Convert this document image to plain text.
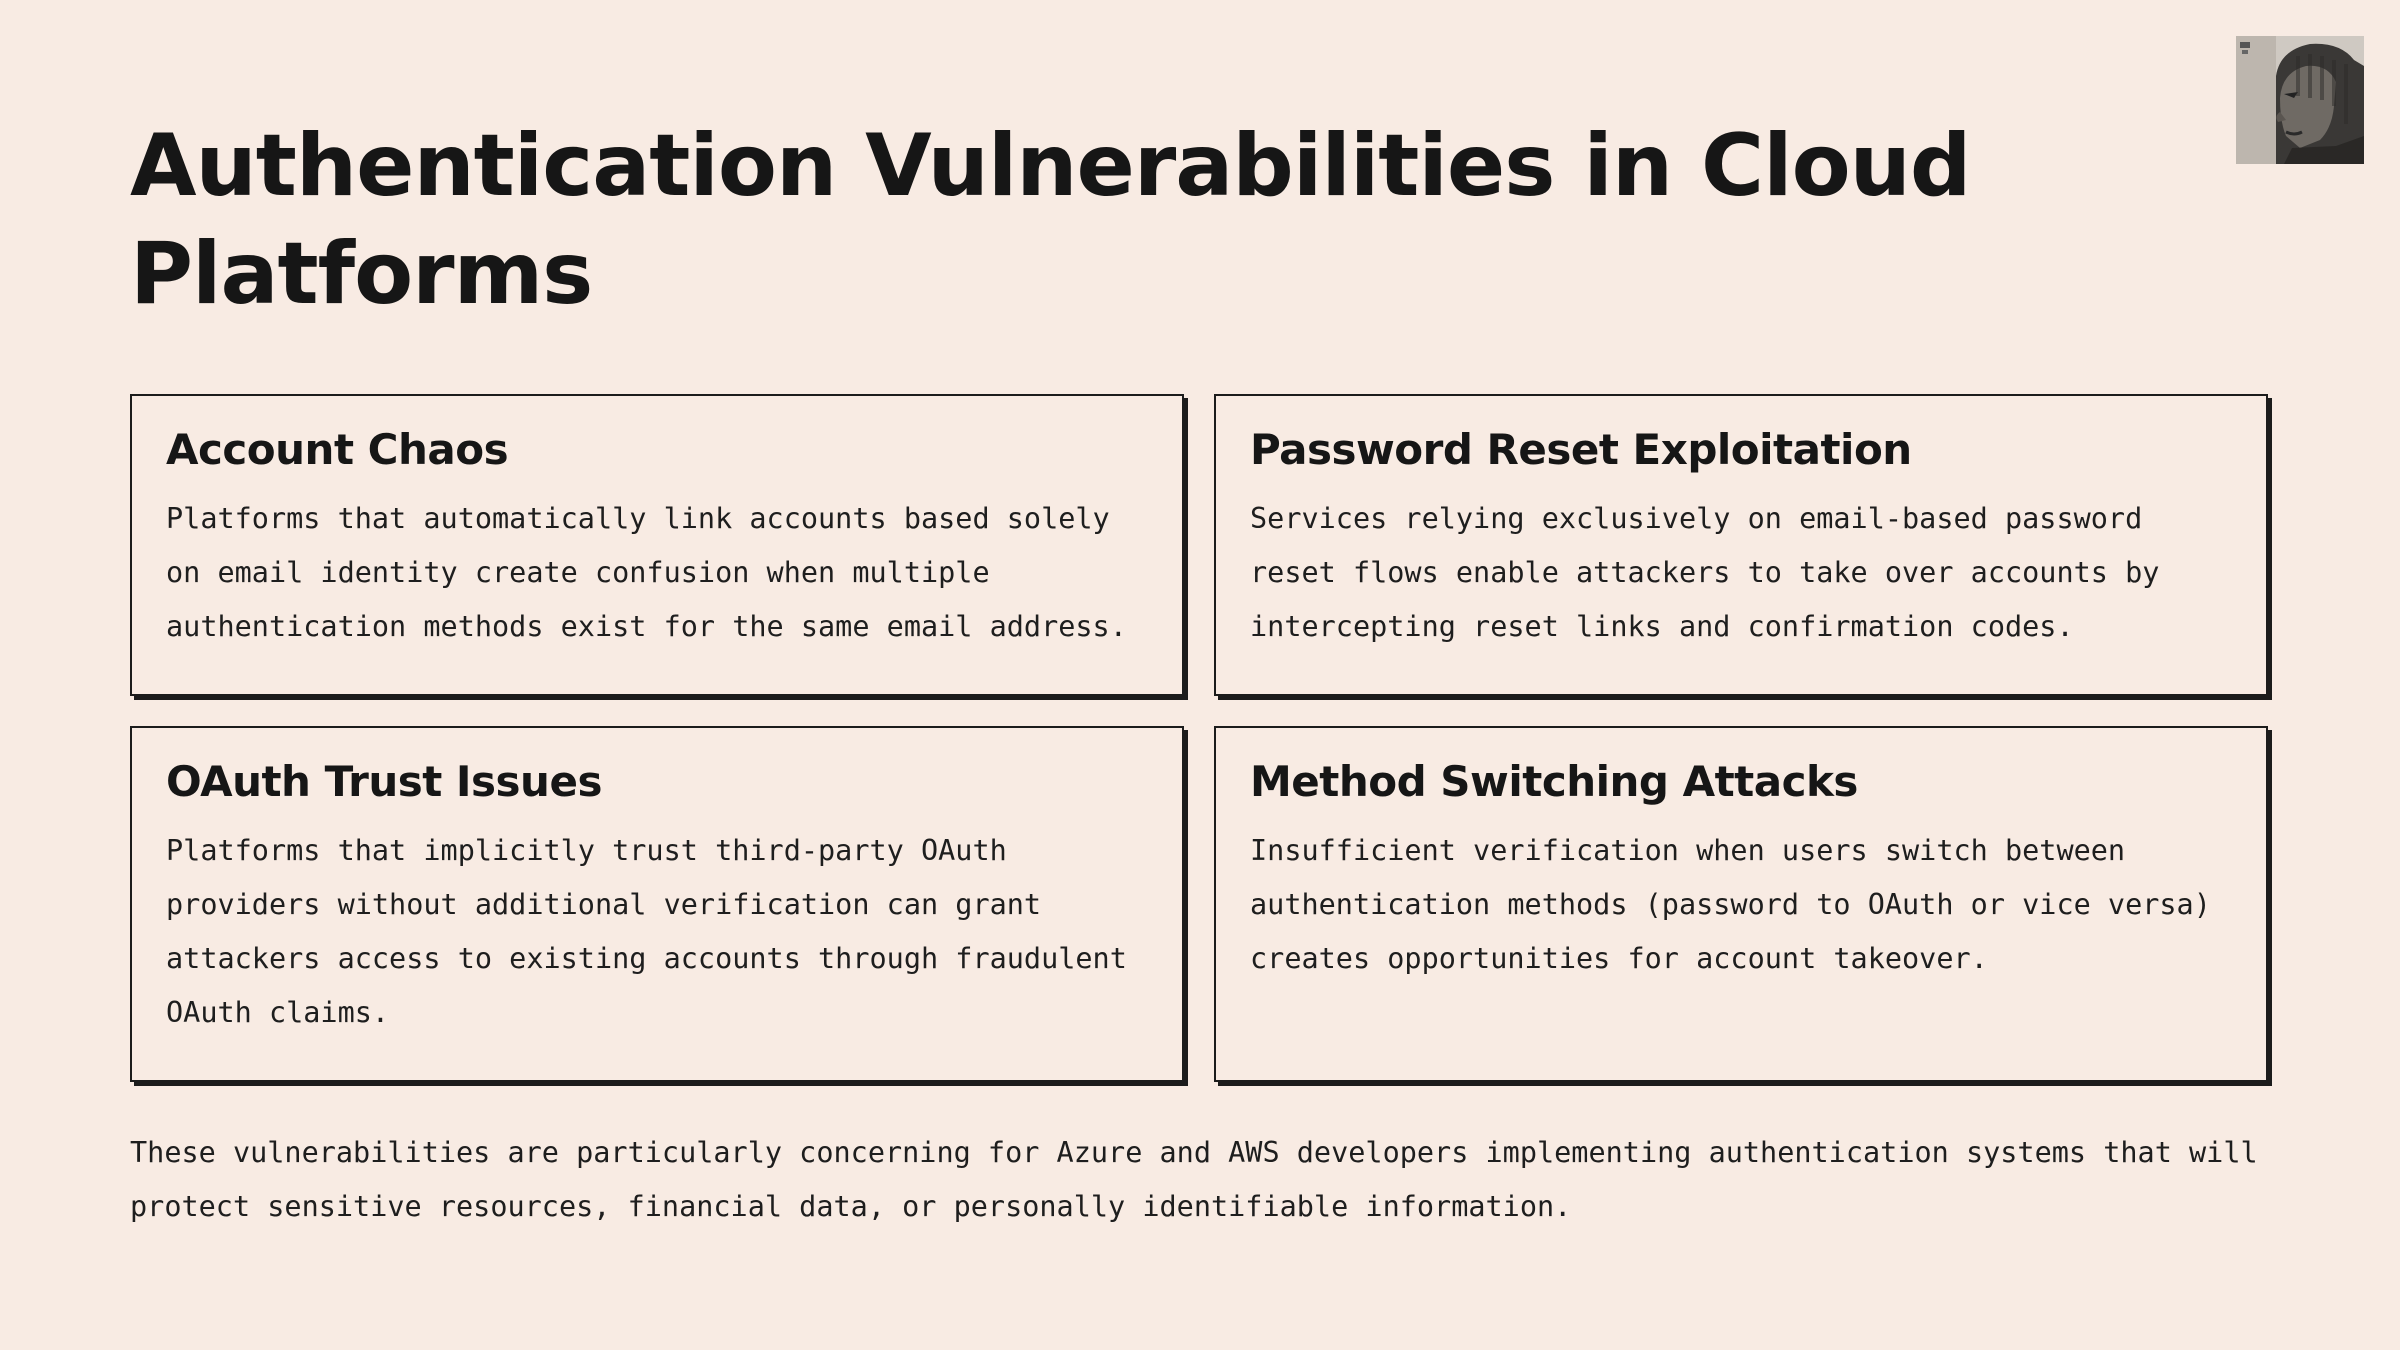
Authentication Vulnerabilities in Cloud Platforms
Account Chaos

Platforms that automatically link accounts based solely on email identity create confusion when multiple authentication methods exist for the same email address.

Password Reset Exploitation

Services relying exclusively on email-based password reset flows enable attackers to take over accounts by intercepting reset links and confirmation codes.

OAuth Trust Issues

Platforms that implicitly trust third-party OAuth providers without additional verification can grant attackers access to existing accounts through fraudulent OAuth claims.

Method Switching Attacks

Insufficient verification when users switch between authentication methods (password to OAuth or vice versa) creates opportunities for account takeover.

These vulnerabilities are particularly concerning for Azure and AWS developers implementing authentication systems that will protect sensitive resources, financial data, or personally identifiable information.
